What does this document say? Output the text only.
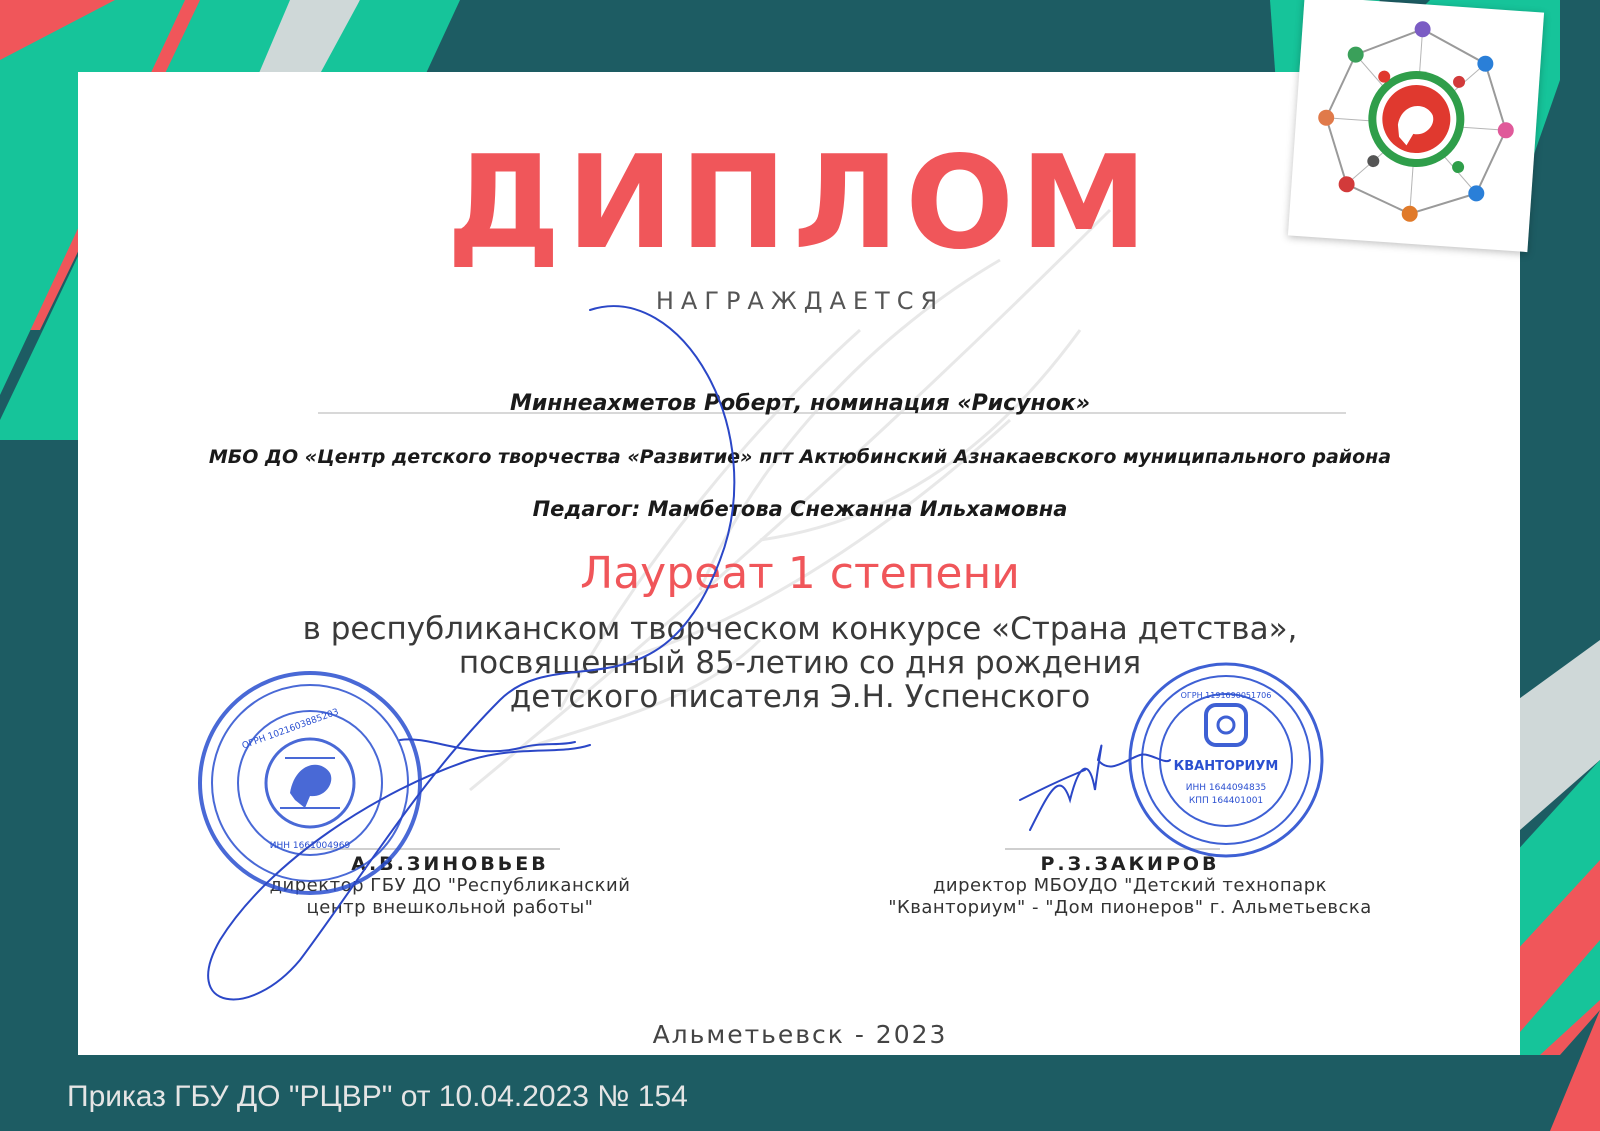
ДИПЛОМ
НАГРАЖДАЕТСЯ
Миннеахметов Роберт, номинация «Рисунок»
МБО ДО «Центр детского творчества «Развитие» пгт Актюбинский Азнакаевского муниципального района
Педагог: Мамбетова Снежанна Ильхамовна
Лауреат 1 степени
в республиканском творческом конкурсе «Страна детства»,
посвященный 85-летию со дня рождения
детского писателя Э.Н. Успенского
А.В.ЗИНОВЬЕВ
директор ГБУ ДО "Республиканский
центр внешкольной работы"
Р.З.ЗАКИРОВ
директор МБОУДО "Детский технопарк
"Кванториум" - "Дом пионеров" г. Альметьевска
ОГРН 1021603885203
ИНН 1661004969
ОГРН 1191690051706
КВАНТОРИУМ
ИНН 1644094835
КПП 164401001
Альметьевск - 2023
Приказ ГБУ ДО "РЦВР" от 10.04.2023 № 154
